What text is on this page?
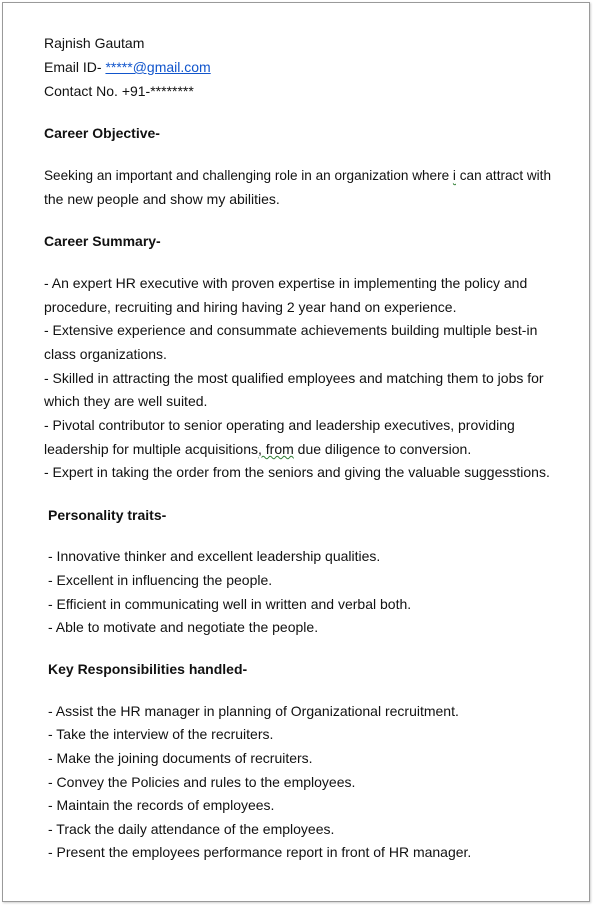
Rajnish Gautam
Email ID- *****@gmail.com
Contact No. +91-********
Career Objective-
Seeking an important and challenging role in an organization where i can attract with
the new people and show my abilities.
Career Summary-
- An expert HR executive with proven expertise in implementing the policy and
procedure, recruiting and hiring having 2 year hand on experience.
- Extensive experience and consummate achievements building multiple best-in
class organizations.
- Skilled in attracting the most qualified employees and matching them to jobs for
which they are well suited.
- Pivotal contributor to senior operating and leadership executives, providing
leadership for multiple acquisitions, from due diligence to conversion.
- Expert in taking the order from the seniors and giving the valuable suggesstions.
Personality traits-
- Innovative thinker and excellent leadership qualities.
- Excellent in influencing the people.
- Efficient in communicating well in written and verbal both.
- Able to motivate and negotiate the people.
Key Responsibilities handled-
- Assist the HR manager in planning of Organizational recruitment.
- Take the interview of the recruiters.
- Make the joining documents of recruiters.
- Convey the Policies and rules to the employees.
- Maintain the records of employees.
- Track the daily attendance of the employees.
- Present the employees performance report in front of HR manager.
